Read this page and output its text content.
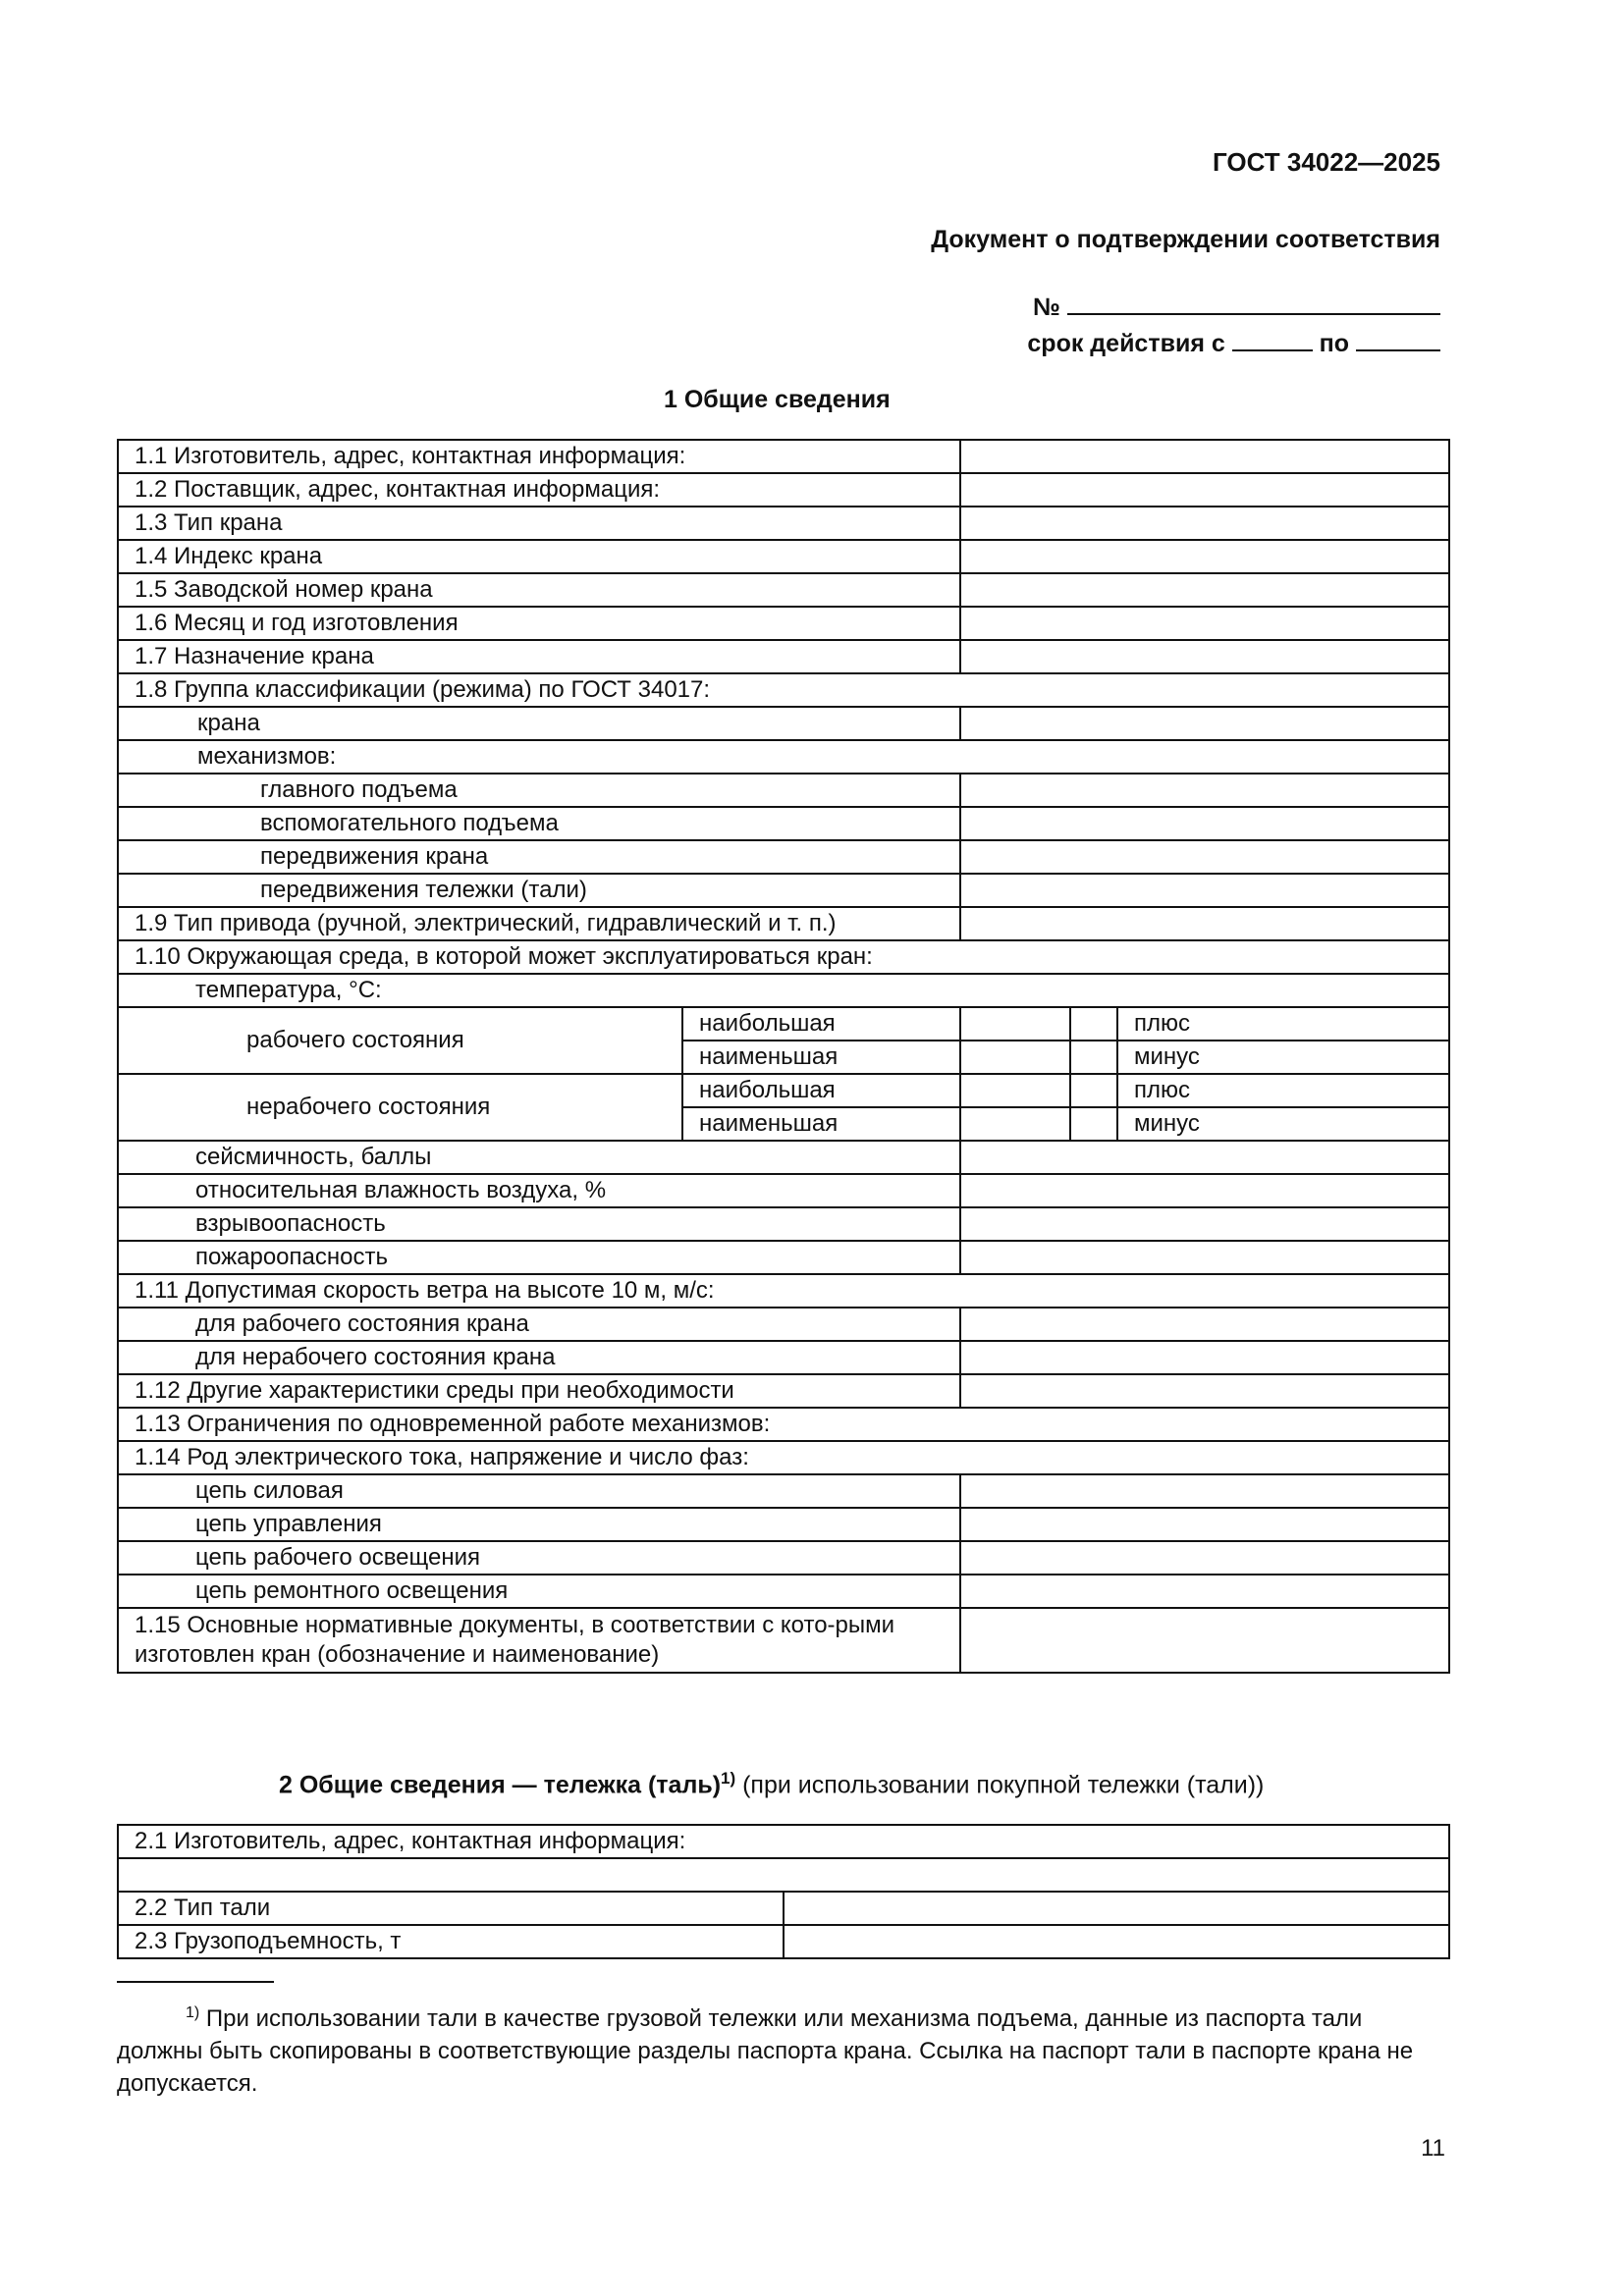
ГОСТ 34022—2025
Документ о подтверждении соответствия
№
срок действия с	по
1 Общие сведения
1.1 Изготовитель, адрес, контактная информация:				
1.2 Поставщик, адрес, контактная информация:				
1.3 Тип крана				
1.4 Индекс крана				
1.5 Заводской номер крана				
1.6 Месяц и год изготовления				
1.7 Назначение крана				
1.8 Группа классификации (режима) по ГОСТ 34017:				
крана				
механизмов:				
главного подъема				
вспомогательного подъема				
передвижения крана				
передвижения тележки (тали)				
1.9 Тип привода (ручной, электрический, гидравлический и т. п.)				
1.10 Окружающая среда, в которой может эксплуатироваться кран:				
температура, °С:				
рабочего состояния	наибольшая			плюс
	наименьшая			минус
нерабочего состояния	наибольшая			плюс
	наименьшая			минус
сейсмичность, баллы				
относительная влажность воздуха, %				
взрывоопасность				
пожароопасность				
1.11 Допустимая скорость ветра на высоте 10 м, м/с:				
для рабочего состояния крана				
для нерабочего состояния крана				
1.12 Другие характеристики среды при необходимости				
1.13 Ограничения по одновременной работе механизмов:				
1.14 Род электрического тока, напряжение и число фаз:				
цепь силовая				
цепь управления				
цепь рабочего освещения				
цепь ремонтного освещения				
1.15 Основные нормативные документы, в соответствии с кото-рыми изготовлен кран (обозначение и наименование)				
2 Общие сведения — тележка (таль)$^{1)}$ (при использовании покупной тележки (тали))
2.1 Изготовитель, адрес, контактная информация:	

2.2 Тип тали	
2.3 Грузоподъемность, т	
$^{1)}$ При использовании тали в качестве грузовой тележки или механизма подъема, данные из паспорта тали должны быть скопированы в соответствующие разделы паспорта крана. Ссылка на паспорт тали в паспорте крана не допускается.
11
